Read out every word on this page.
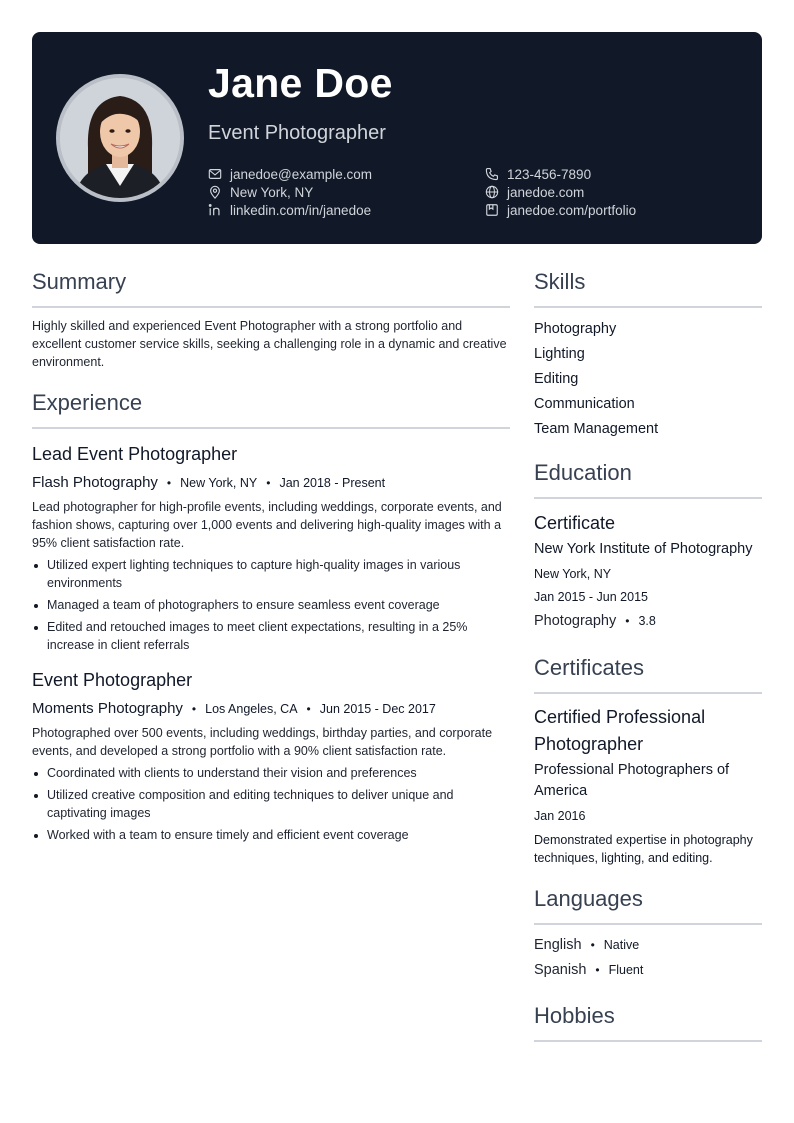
Jane Doe
Event Photographer
janedoe@example.com
New York, NY
linkedin.com/in/janedoe
123-456-7890
janedoe.com
janedoe.com/portfolio
Summary

Highly skilled and experienced Event Photographer with a strong portfolio and excellent customer service skills, seeking a challenging role in a dynamic and creative environment.

Experience
Lead Event Photographer
Flash Photography • New York, NY • Jan 2018 - Present

Lead photographer for high-profile events, including weddings, corporate events, and fashion shows, capturing over 1,000 events and delivering high-quality images with a 95% client satisfaction rate.

Utilized expert lighting techniques to capture high-quality images in various environments
Managed a team of photographers to ensure seamless event coverage
Edited and retouched images to meet client expectations, resulting in a 25% increase in client referrals
Event Photographer
Moments Photography • Los Angeles, CA • Jun 2015 - Dec 2017

Photographed over 500 events, including weddings, birthday parties, and corporate events, and developed a strong portfolio with a 90% client satisfaction rate.

Coordinated with clients to understand their vision and preferences
Utilized creative composition and editing techniques to deliver unique and captivating images
Worked with a team to ensure timely and efficient event coverage
Skills
Photography
Lighting
Editing
Communication
Team Management
Education
Certificate
New York Institute of Photography
New York, NY
Jan 2015 - Jun 2015
Photography • 3.8
Certificates
Certified Professional Photographer
Professional Photographers of America
Jan 2016

Demonstrated expertise in photography techniques, lighting, and editing.

Languages
English • Native
Spanish • Fluent
Hobbies
